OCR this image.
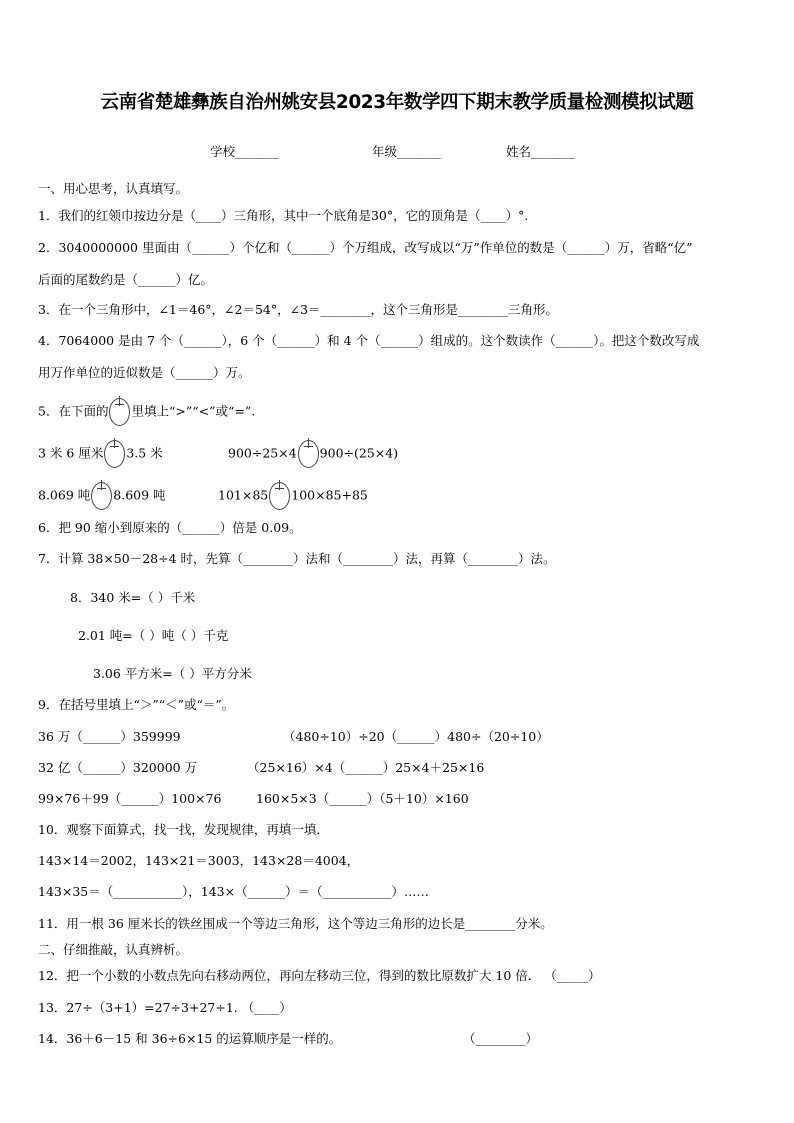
云南省楚雄彝族自治州姚安县2023年数学四下期末教学质量检测模拟试题
学校_______	年级_______	姓名_______
一、用心思考，认真填写。
1．我们的红领巾按边分是（____）三角形，其中一个底角是30°，它的顶角是（____）°.
2．3040000000 里面由（______）个亿和（______）个万组成，改写成以“万”作单位的数是（______）万，省略“亿”
后面的尾数约是（______）亿。
3．在一个三角形中，∠1＝46°，∠2＝54°，∠3＝________，这个三角形是________三角形。
4．7064000 是由 7 个（______），6 个（______）和 4 个（______）组成的。这个数读作（______）。把这个数改写成
用万作单位的近似数是（______）万。
5．在下面的 里填上“>”“<”或“=”.
3 米 6 厘米 3.5 米	900÷25×4 900÷(25×4)
8.069 吨 8.609 吨	101×85 100×85+85
6．把 90 缩小到原来的（______）倍是 0.09。
7．计算 38×50－28÷4 时，先算（________）法和（________）法，再算（________）法。
8．340 米=（ ）千米
2.01 吨=（ ）吨（ ）千克
3.06 平方米=（ ）平方分米
9．在括号里填上“＞”“＜”或“＝”。
36 万（______）359999	（480÷10）÷20（______）480÷（20÷10）
32 亿（______）320000 万	（25×16）×4（______）25×4＋25×16
99×76＋99（______）100×76	160×5×3（______）（5＋10）×160
10．观察下面算式，找一找，发现规律，再填一填．
143×14＝2002，143×21＝3003，143×28＝4004，
143×35＝（___________），143×（______）＝（___________）……
11．用一根 36 厘米长的铁丝围成一个等边三角形，这个等边三角形的边长是________分米。
二、仔细推敲，认真辨析。
12．把一个小数的小数点先向右移动两位，再向左移动三位，得到的数比原数扩大 10 倍． （_____）
13．27÷（3+1）=27÷3+27÷1. （____）
14．36＋6－15 和 36÷6×15 的运算顺序是一样的。	（________）
